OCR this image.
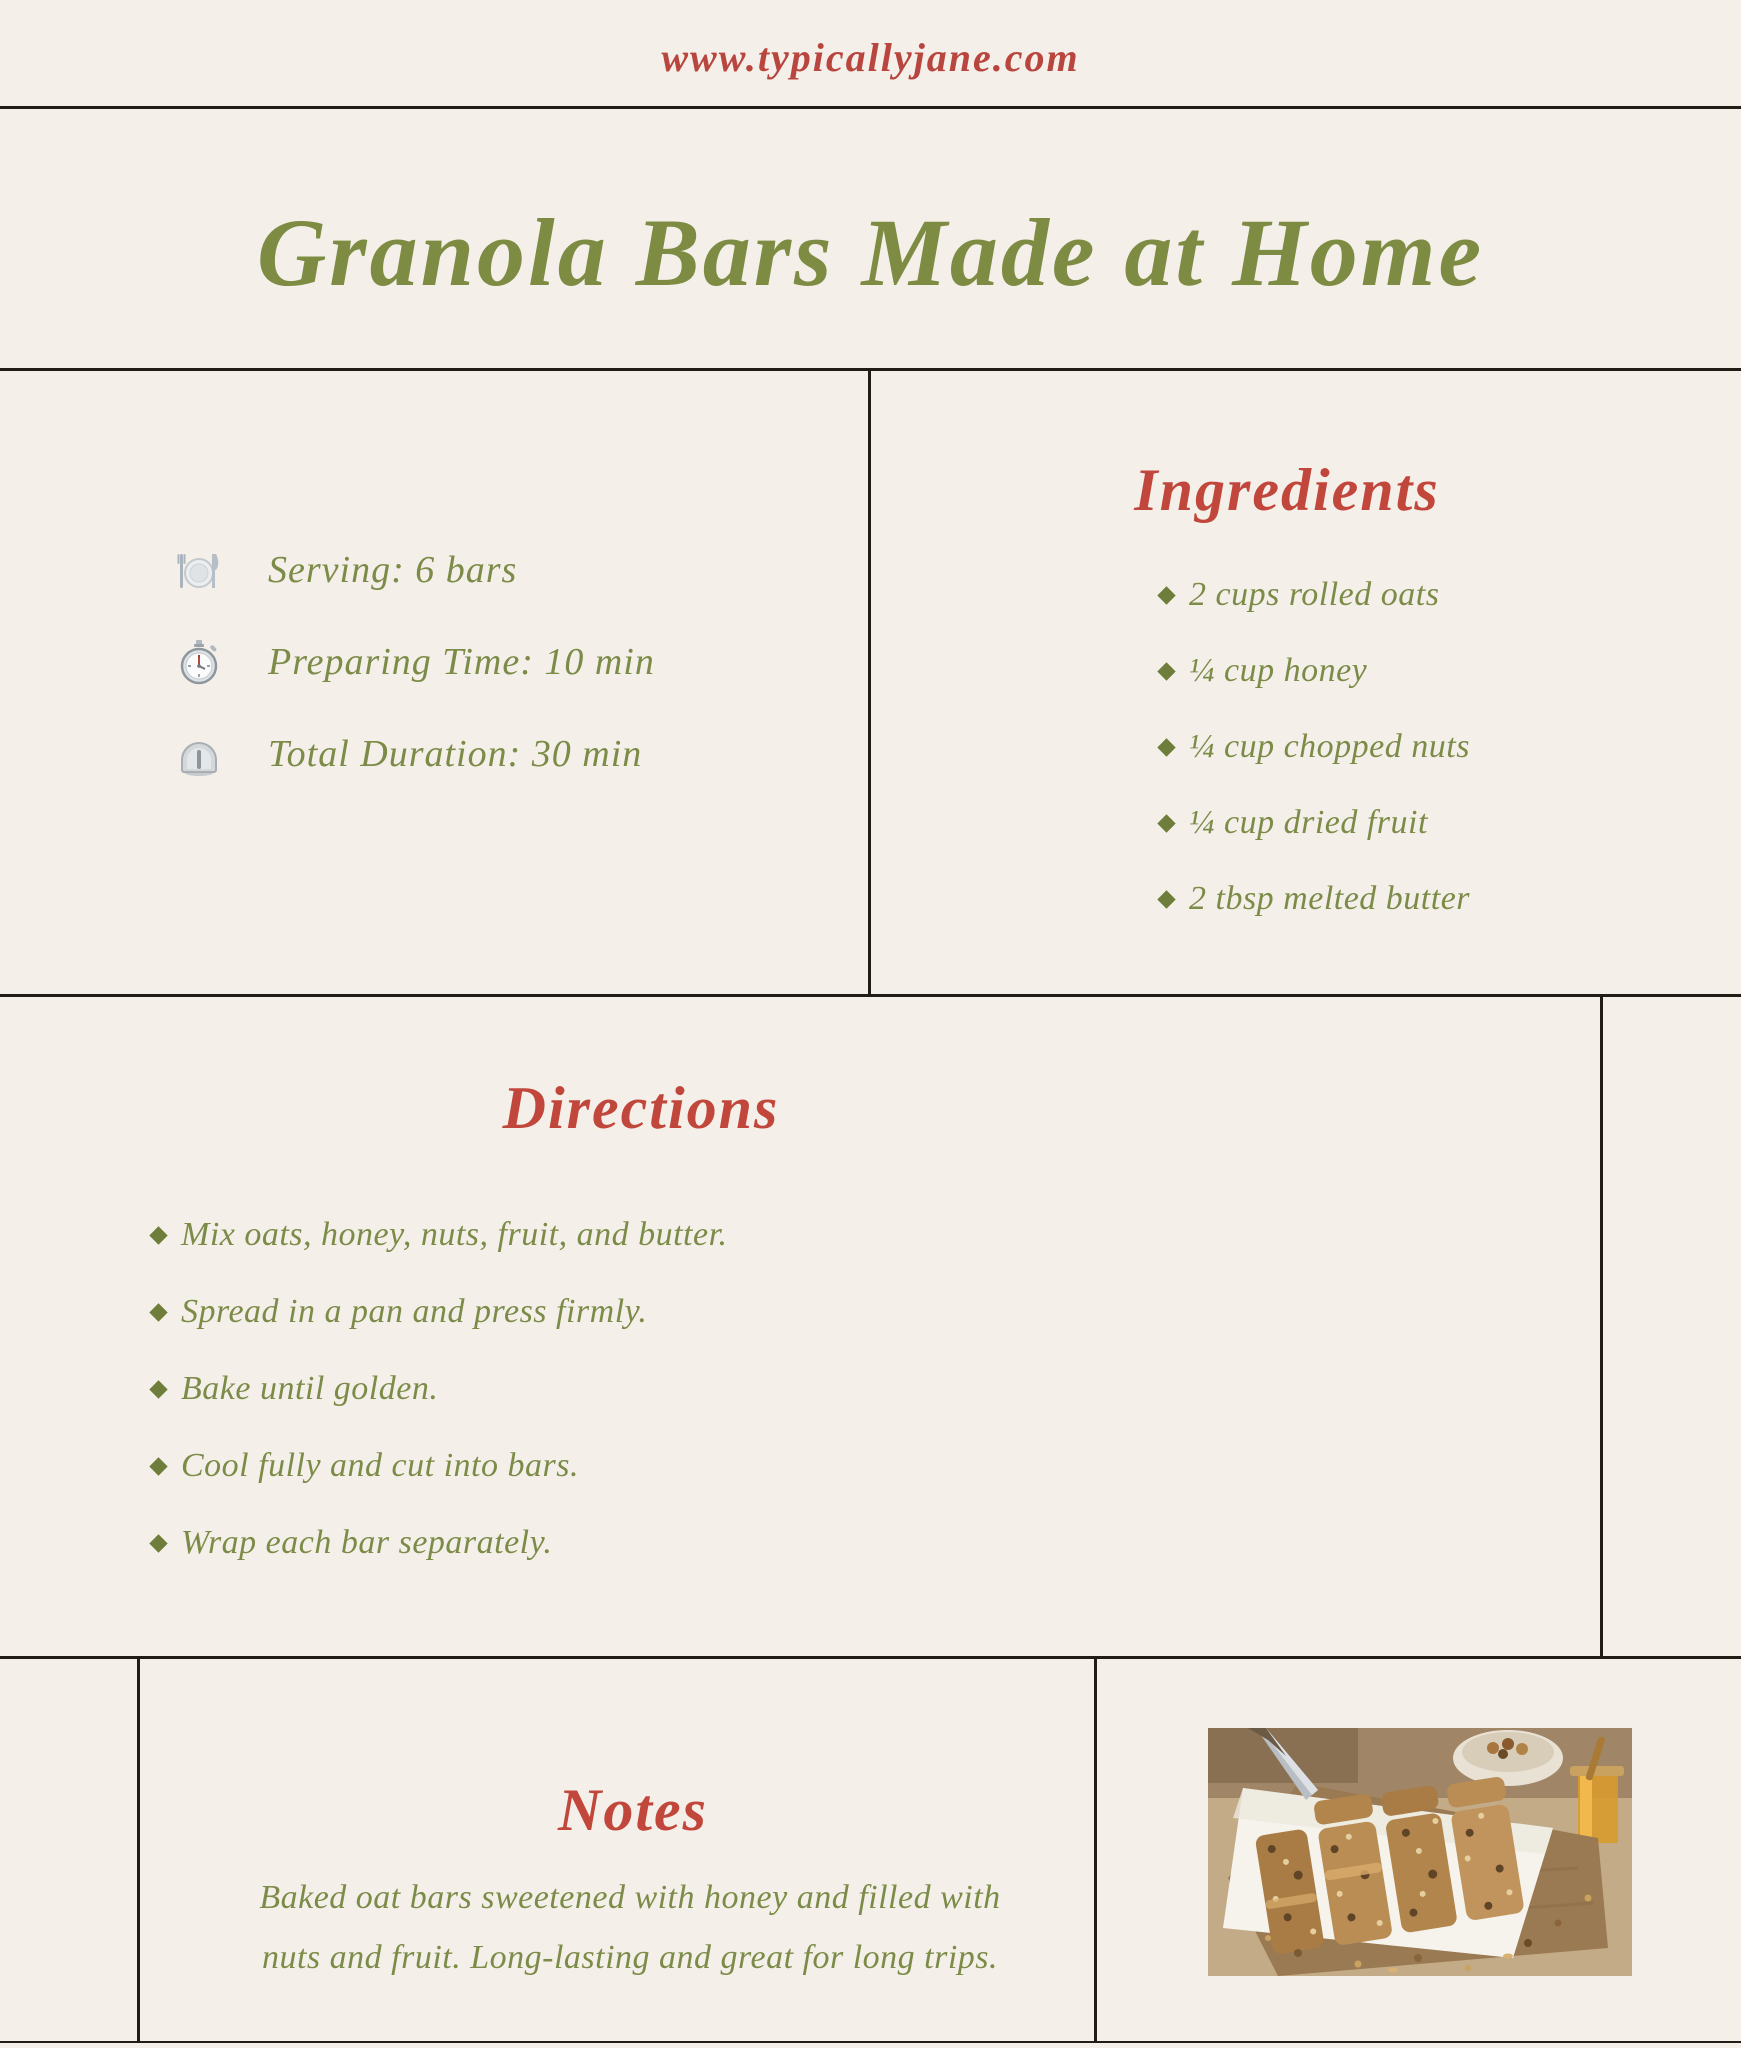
www.typicallyjane.com
Granola Bars Made at Home
Serving: 6 bars
Preparing Time: 10 min
Total Duration: 30 min
Ingredients
2 cups rolled oats
¼ cup honey
¼ cup chopped nuts
¼ cup dried fruit
2 tbsp melted butter
Directions
Mix oats, honey, nuts, fruit, and butter.
Spread in a pan and press firmly.
Bake until golden.
Cool fully and cut into bars.
Wrap each bar separately.
Notes
Baked oat bars sweetened with honey and filled with nuts and fruit. Long-lasting and great for long trips.
